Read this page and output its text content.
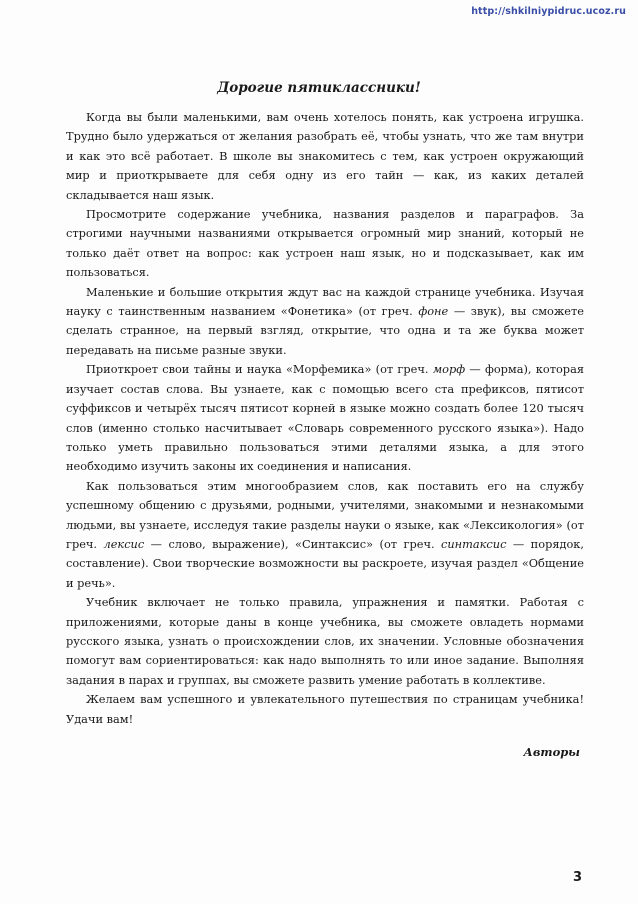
http://shkilniypidruc.ucoz.ru
Дорогие пятиклассники!

Когда вы были маленькими, вам очень хотелось понять, как устроена игрушка. Трудно было удержаться от желания разобрать её, чтобы узнать, что же там внутри и как это всё работает. В школе вы знакомитесь с тем, как устроен окружающий мир и приоткрываете для себя одну из его тайн — как, из каких деталей складывается наш язык.

Просмотрите содержание учебника, названия разделов и параграфов. За строгими научными названиями открывается огромный мир знаний, который не только даёт ответ на вопрос: как устроен наш язык, но и подсказывает, как им пользоваться.

Маленькие и большие открытия ждут вас на каждой странице учебника. Изучая науку с таинственным названием «Фонетика» (от греч. фоне — звук), вы сможете сделать странное, на первый взгляд, открытие, что одна и та же буква может передавать на письме разные звуки.

Приоткроет свои тайны и наука «Морфемика» (от греч. морф — форма), которая изучает состав слова. Вы узнаете, как с помощью всего ста префиксов, пятисот суффиксов и четырёх тысяч пятисот корней в языке можно создать более 120 тысяч слов (именно столько насчитывает «Словарь современного русского языка»). Надо только уметь правильно пользоваться этими деталями языка, а для этого необходимо изучить законы их соединения и написания.

Как пользоваться этим многообразием слов, как поставить его на службу успешному общению с друзьями, родными, учителями, знакомыми и незнакомыми людьми, вы узнаете, исследуя такие разделы науки о языке, как «Лексикология» (от греч. лексис — слово, выражение), «Синтаксис» (от греч. синтаксис — порядок, составление). Свои творческие возможности вы раскроете, изучая раздел «Общение и речь».

Учебник включает не только правила, упражнения и памятки. Работая с приложениями, которые даны в конце учебника, вы сможете овладеть нормами русского языка, узнать о происхождении слов, их значении. Условные обозначения помогут вам сориентироваться: как надо выполнять то или иное задание. Выполняя задания в парах и группах, вы сможете развить умение работать в коллективе.

Желаем вам успешного и увлекательного путешествия по страницам учебника! Удачи вам!

Авторы
3
